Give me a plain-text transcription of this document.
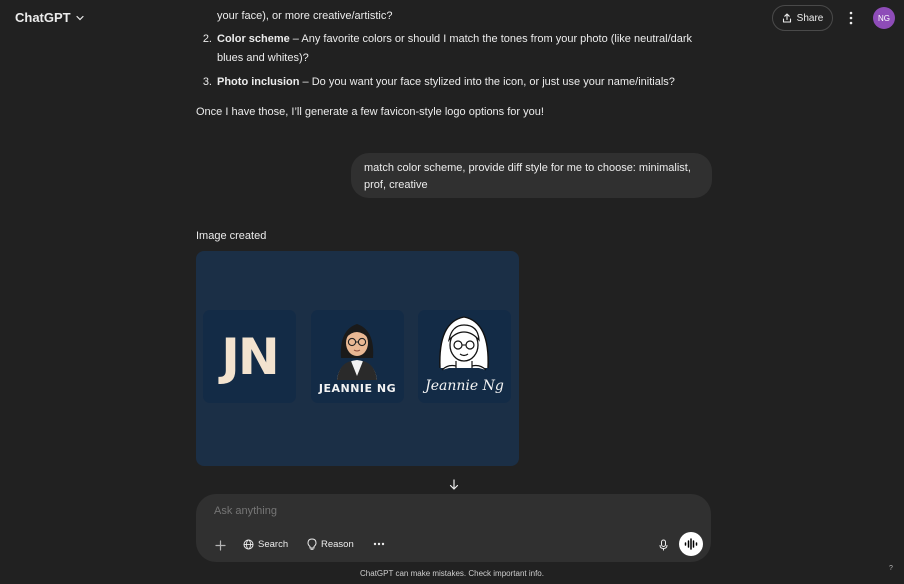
ChatGPT	Share	NG
your face), or more creative/artistic?
2. Color scheme – Any favorite colors or should I match the tones from your photo (like neutral/dark blues and whites)?
3. Photo inclusion – Do you want your face stylized into the icon, or just use your name/initials?
Once I have those, I’ll generate a few favicon-style logo options for you!
match color scheme, provide diff style for me to choose: minimalist, prof, creative
Image created
JN
JEANNIE NG	Jeannie Ng
Ask anything
Search	Reason
ChatGPT can make mistakes. Check important info.
?
